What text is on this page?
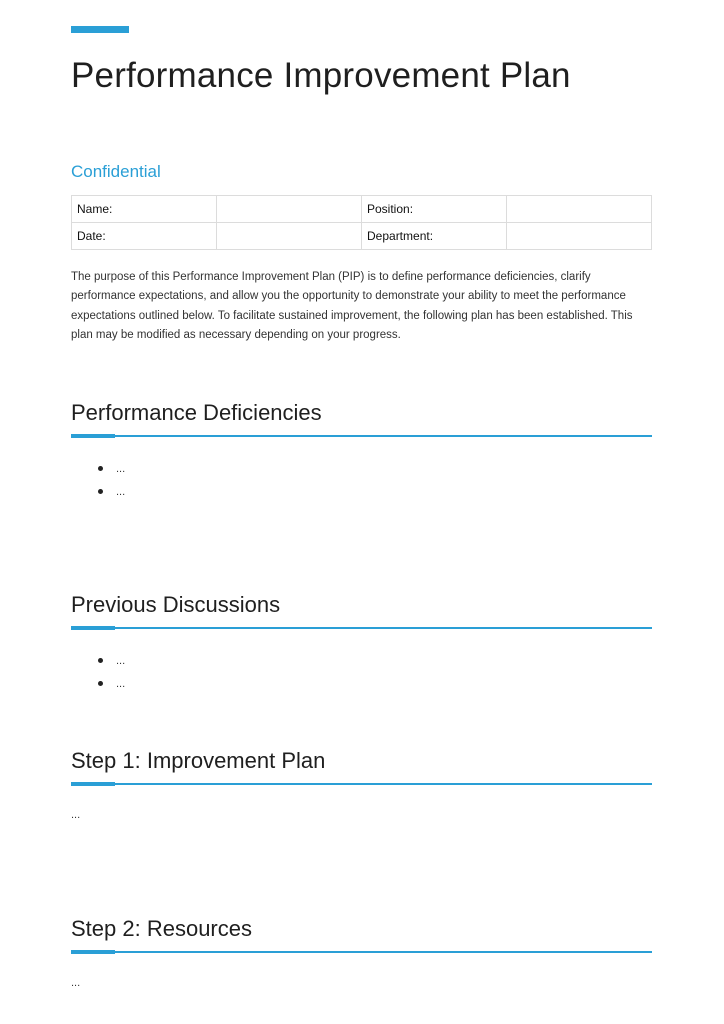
Performance Improvement Plan
Confidential
Name:		Position:	
Date:		Department:	

The purpose of this Performance Improvement Plan (PIP) is to define performance deficiencies, clarify performance expectations, and allow you the opportunity to demonstrate your ability to meet the performance expectations outlined below. To facilitate sustained improvement, the following plan has been established. This plan may be modified as necessary depending on your progress.

Performance Deficiencies
...
...
Previous Discussions
...
...
Step 1: Improvement Plan

...

Step 2: Resources

...
